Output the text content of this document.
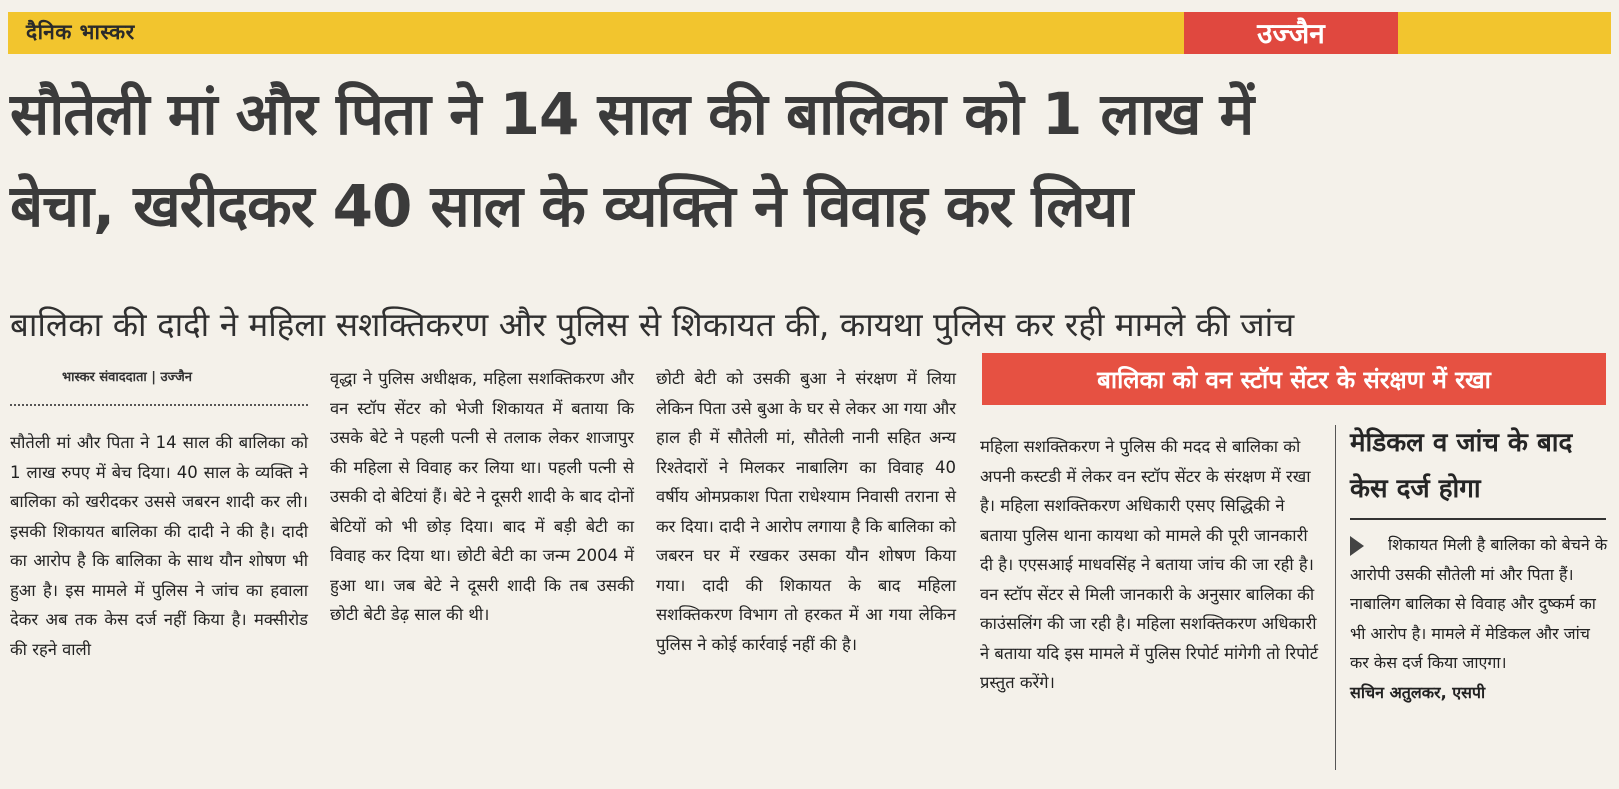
दैनिक भास्कर	उज्जैन
सौतेली मां और पिता ने 14 साल की बालिका को 1 लाख में
बेचा, खरीदकर 40 साल के व्यक्ति ने विवाह कर लिया
बालिका की दादी ने महिला सशक्तिकरण और पुलिस से शिकायत की, कायथा पुलिस कर रही मामले की जांच
भास्कर संवाददाता | उज्जैन

सौतेली मां और पिता ने 14 साल की बालिका को 1 लाख रुपए में बेच दिया। 40 साल के व्यक्ति ने बालिका को खरीदकर उससे जबरन शादी कर ली। इसकी शिकायत बालिका की दादी ने की है। दादी का आरोप है कि बालिका के साथ यौन शोषण भी हुआ है। इस मामले में पुलिस ने जांच का हवाला देकर अब तक केस दर्ज नहीं किया है। मक्सीरोड की रहने वाली

वृद्धा ने पुलिस अधीक्षक, महिला सशक्तिकरण और वन स्टॉप सेंटर को भेजी शिकायत में बताया कि उसके बेटे ने पहली पत्नी से तलाक लेकर शाजापुर की महिला से विवाह कर लिया था। पहली पत्नी से उसकी दो बेटियां हैं। बेटे ने दूसरी शादी के बाद दोनों बेटियों को भी छोड़ दिया। बाद में बड़ी बेटी का विवाह कर दिया था। छोटी बेटी का जन्म 2004 में हुआ था। जब बेटे ने दूसरी शादी कि तब उसकी छोटी बेटी डेढ़ साल की थी।

छोटी बेटी को उसकी बुआ ने संरक्षण में लिया लेकिन पिता उसे बुआ के घर से लेकर आ गया और हाल ही में सौतेली मां, सौतेली नानी सहित अन्य रिश्तेदारों ने मिलकर नाबालिग का विवाह 40 वर्षीय ओमप्रकाश पिता राधेश्याम निवासी तराना से कर दिया। दादी ने आरोप लगाया है कि बालिका को जबरन घर में रखकर उसका यौन शोषण किया गया। दादी की शिकायत के बाद महिला सशक्तिकरण विभाग तो हरकत में आ गया लेकिन पुलिस ने कोई कार्रवाई नहीं की है।

बालिका को वन स्टॉप सेंटर के संरक्षण में रखा

महिला सशक्तिकरण ने पुलिस की मदद से बालिका को अपनी कस्टडी में लेकर वन स्टॉप सेंटर के संरक्षण में रखा है। महिला सशक्तिकरण अधिकारी एसए सिद्धिकी ने बताया पुलिस थाना कायथा को मामले की पूरी जानकारी दी है। एएसआई माधवसिंह ने बताया जांच की जा रही है। वन स्टॉप सेंटर से मिली जानकारी के अनुसार बालिका की काउंसलिंग की जा रही है। महिला सशक्तिकरण अधिकारी ने बताया यदि इस मामले में पुलिस रिपोर्ट मांगेगी तो रिपोर्ट प्रस्तुत करेंगे।

मेडिकल व जांच के बाद केस दर्ज होगा

शिकायत मिली है बालिका को बेचने के आरोपी उसकी सौतेली मां और पिता हैं। नाबालिग बालिका से विवाह और दुष्कर्म का भी आरोप है। मामले में मेडिकल और जांच कर केस दर्ज किया जाएगा।

सचिन अतुलकर, एसपी
